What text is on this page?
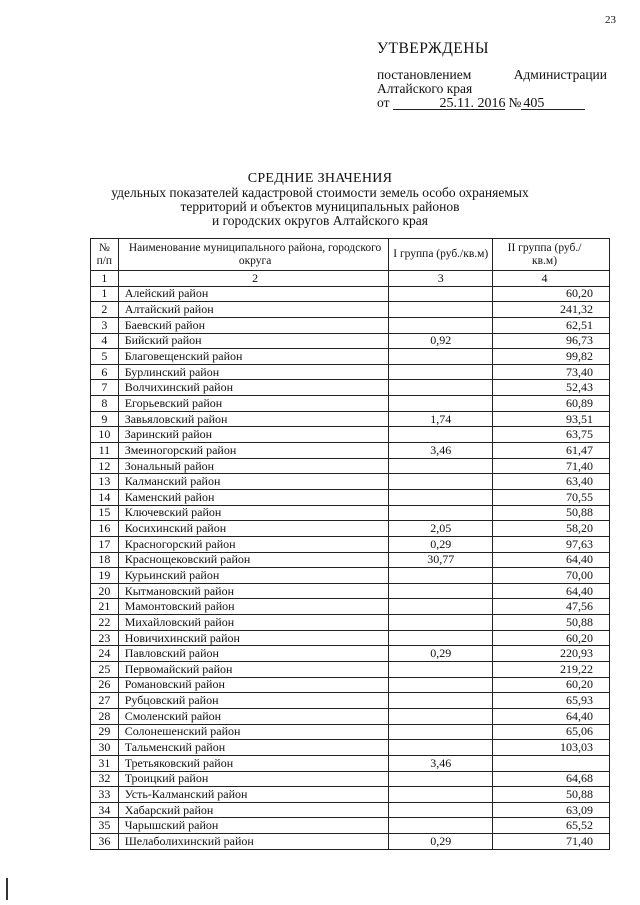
23
УТВЕРЖДЕНЫ
постановлением	Администрации
Алтайского края
от	25.11. 2016 № 405
СРЕДНИЕ ЗНАЧЕНИЯ
удельных показателей кадастровой стоимости земель особо охраняемых
территорий и объектов муниципальных районов
и городских округов Алтайского края
№ п/п	Наименование муниципального района, городского округа	I группа (руб./кв.м)	II группа (руб./кв.м)
1	2	3	4
1	Алейский район		60,20
2	Алтайский район		241,32
3	Баевский район		62,51
4	Бийский район	0,92	96,73
5	Благовещенский район		99,82
6	Бурлинский район		73,40
7	Волчихинский район		52,43
8	Егорьевский район		60,89
9	Завьяловский район	1,74	93,51
10	Заринский район		63,75
11	Змеиногорский район	3,46	61,47
12	Зональный район		71,40
13	Калманский район		63,40
14	Каменский район		70,55
15	Ключевский район		50,88
16	Косихинский район	2,05	58,20
17	Красногорский район	0,29	97,63
18	Краснощековский район	30,77	64,40
19	Курьинский район		70,00
20	Кытмановский район		64,40
21	Мамонтовский район		47,56
22	Михайловский район		50,88
23	Новичихинский район		60,20
24	Павловский район	0,29	220,93
25	Первомайский район		219,22
26	Романовский район		60,20
27	Рубцовский район		65,93
28	Смоленский район		64,40
29	Солонешенский район		65,06
30	Тальменский район		103,03
31	Третьяковский район	3,46	
32	Троицкий район		64,68
33	Усть-Калманский район		50,88
34	Хабарский район		63,09
35	Чарышский район		65,52
36	Шелаболихинский район	0,29	71,40
